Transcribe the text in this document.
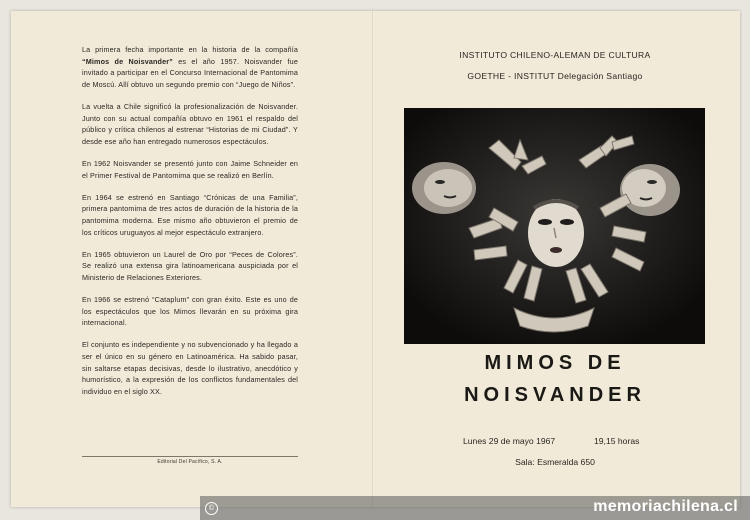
La primera fecha importante en la historia de la compañía “Mimos de Noisvander” es el año 1957. Noisvander fue invitado a participar en el Concurso Internacional de Pantomima de Moscú. Allí obtuvo un segundo premio con “Juego de Niños”.

La vuelta a Chile significó la profesionalización de Noisvander. Junto con su actual compañía obtuvo en 1961 el respaldo del público y crítica chilenos al estrenar “Historias de mi Ciudad”. Y desde ese año han entregado numerosos espectáculos.

En 1962 Noisvander se presentó junto con Jaime Schneider en el Primer Festival de Pantomima que se realizó en Berlín.

En 1964 se estrenó en Santiago “Crónicas de una Familia”, primera pantomima de tres actos de duración de la historia de la pantomima moderna. Ese mismo año obtuvieron el premio de los críticos uruguayos al mejor espectáculo extranjero.

En 1965 obtuvieron un Laurel de Oro por “Peces de Colores”. Se realizó una extensa gira latinoamericana auspiciada por el Ministerio de Relaciones Exteriores.

En 1966 se estrenó “Cataplum” con gran éxito. Este es uno de los espectáculos que los Mimos llevarán en su próxima gira internacional.

El conjunto es independiente y no subvencionado y ha llegado a ser el único en su género en Latinoamérica. Ha sabido pasar, sin saltarse etapas decisivas, desde lo ilustrativo, anecdótico y humorístico, a la expresión de los conflictos fundamentales del individuo en el siglo XX.

Editorial Del Pacífico, S. A.
INSTITUTO CHILENO-ALEMAN DE CULTURA
GOETHE - INSTITUT Delegación Santiago
MIMOS DE
NOISVANDER
Lunes 29 de mayo 1967	19,15 horas
Sala: Esmeralda 650
©	memoriachilena.cl
